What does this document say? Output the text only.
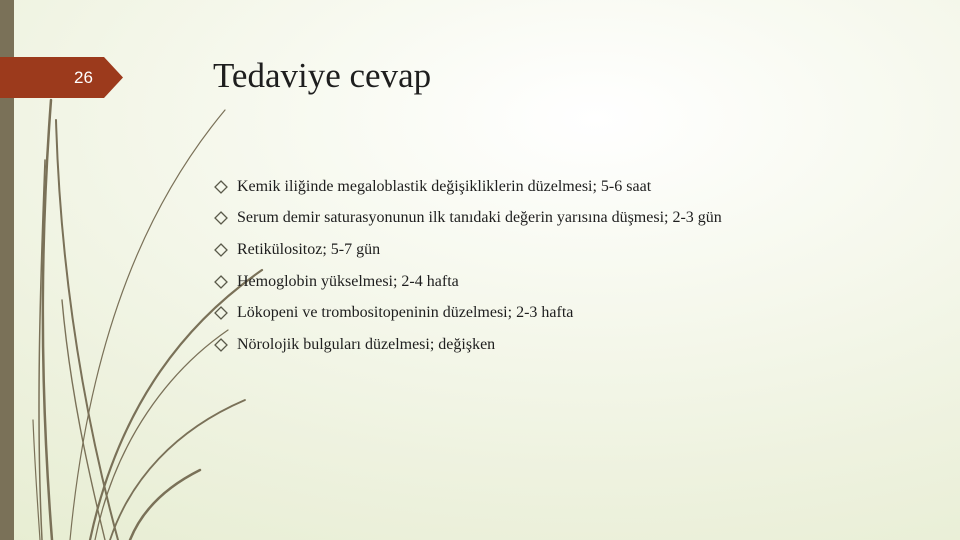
26	Tedaviye cevap
Kemik iliğinde megaloblastik değişikliklerin düzelmesi; 5-6 saat
Serum demir saturasyonunun ilk tanıdaki değerin yarısına düşmesi; 2-3 gün
Retikülositoz; 5-7 gün
Hemoglobin yükselmesi; 2-4 hafta
Lökopeni ve trombositopeninin düzelmesi; 2-3 hafta
Nörolojik bulguları düzelmesi; değişken
